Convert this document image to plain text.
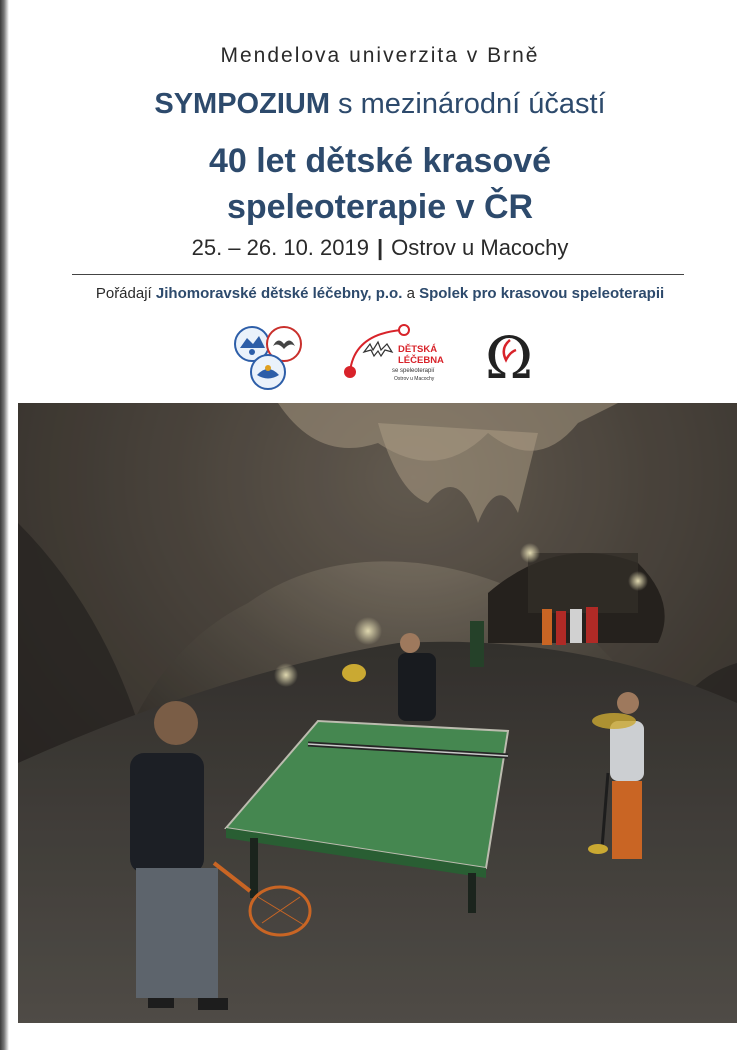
Mendelova univerzita v Brně
SYMPOZIUM s mezinárodní účastí
40 let dětské krasové
speleoterapie v ČR
25. – 26. 10. 2019 | Ostrov u Macochy
Pořádají Jihomoravské dětské léčebny, p.o. a Spolek pro krasovou speleoterapii
DĚTSKÁ
LÉČEBNA
se speleoterapií
Ostrov u Macochy Ω
